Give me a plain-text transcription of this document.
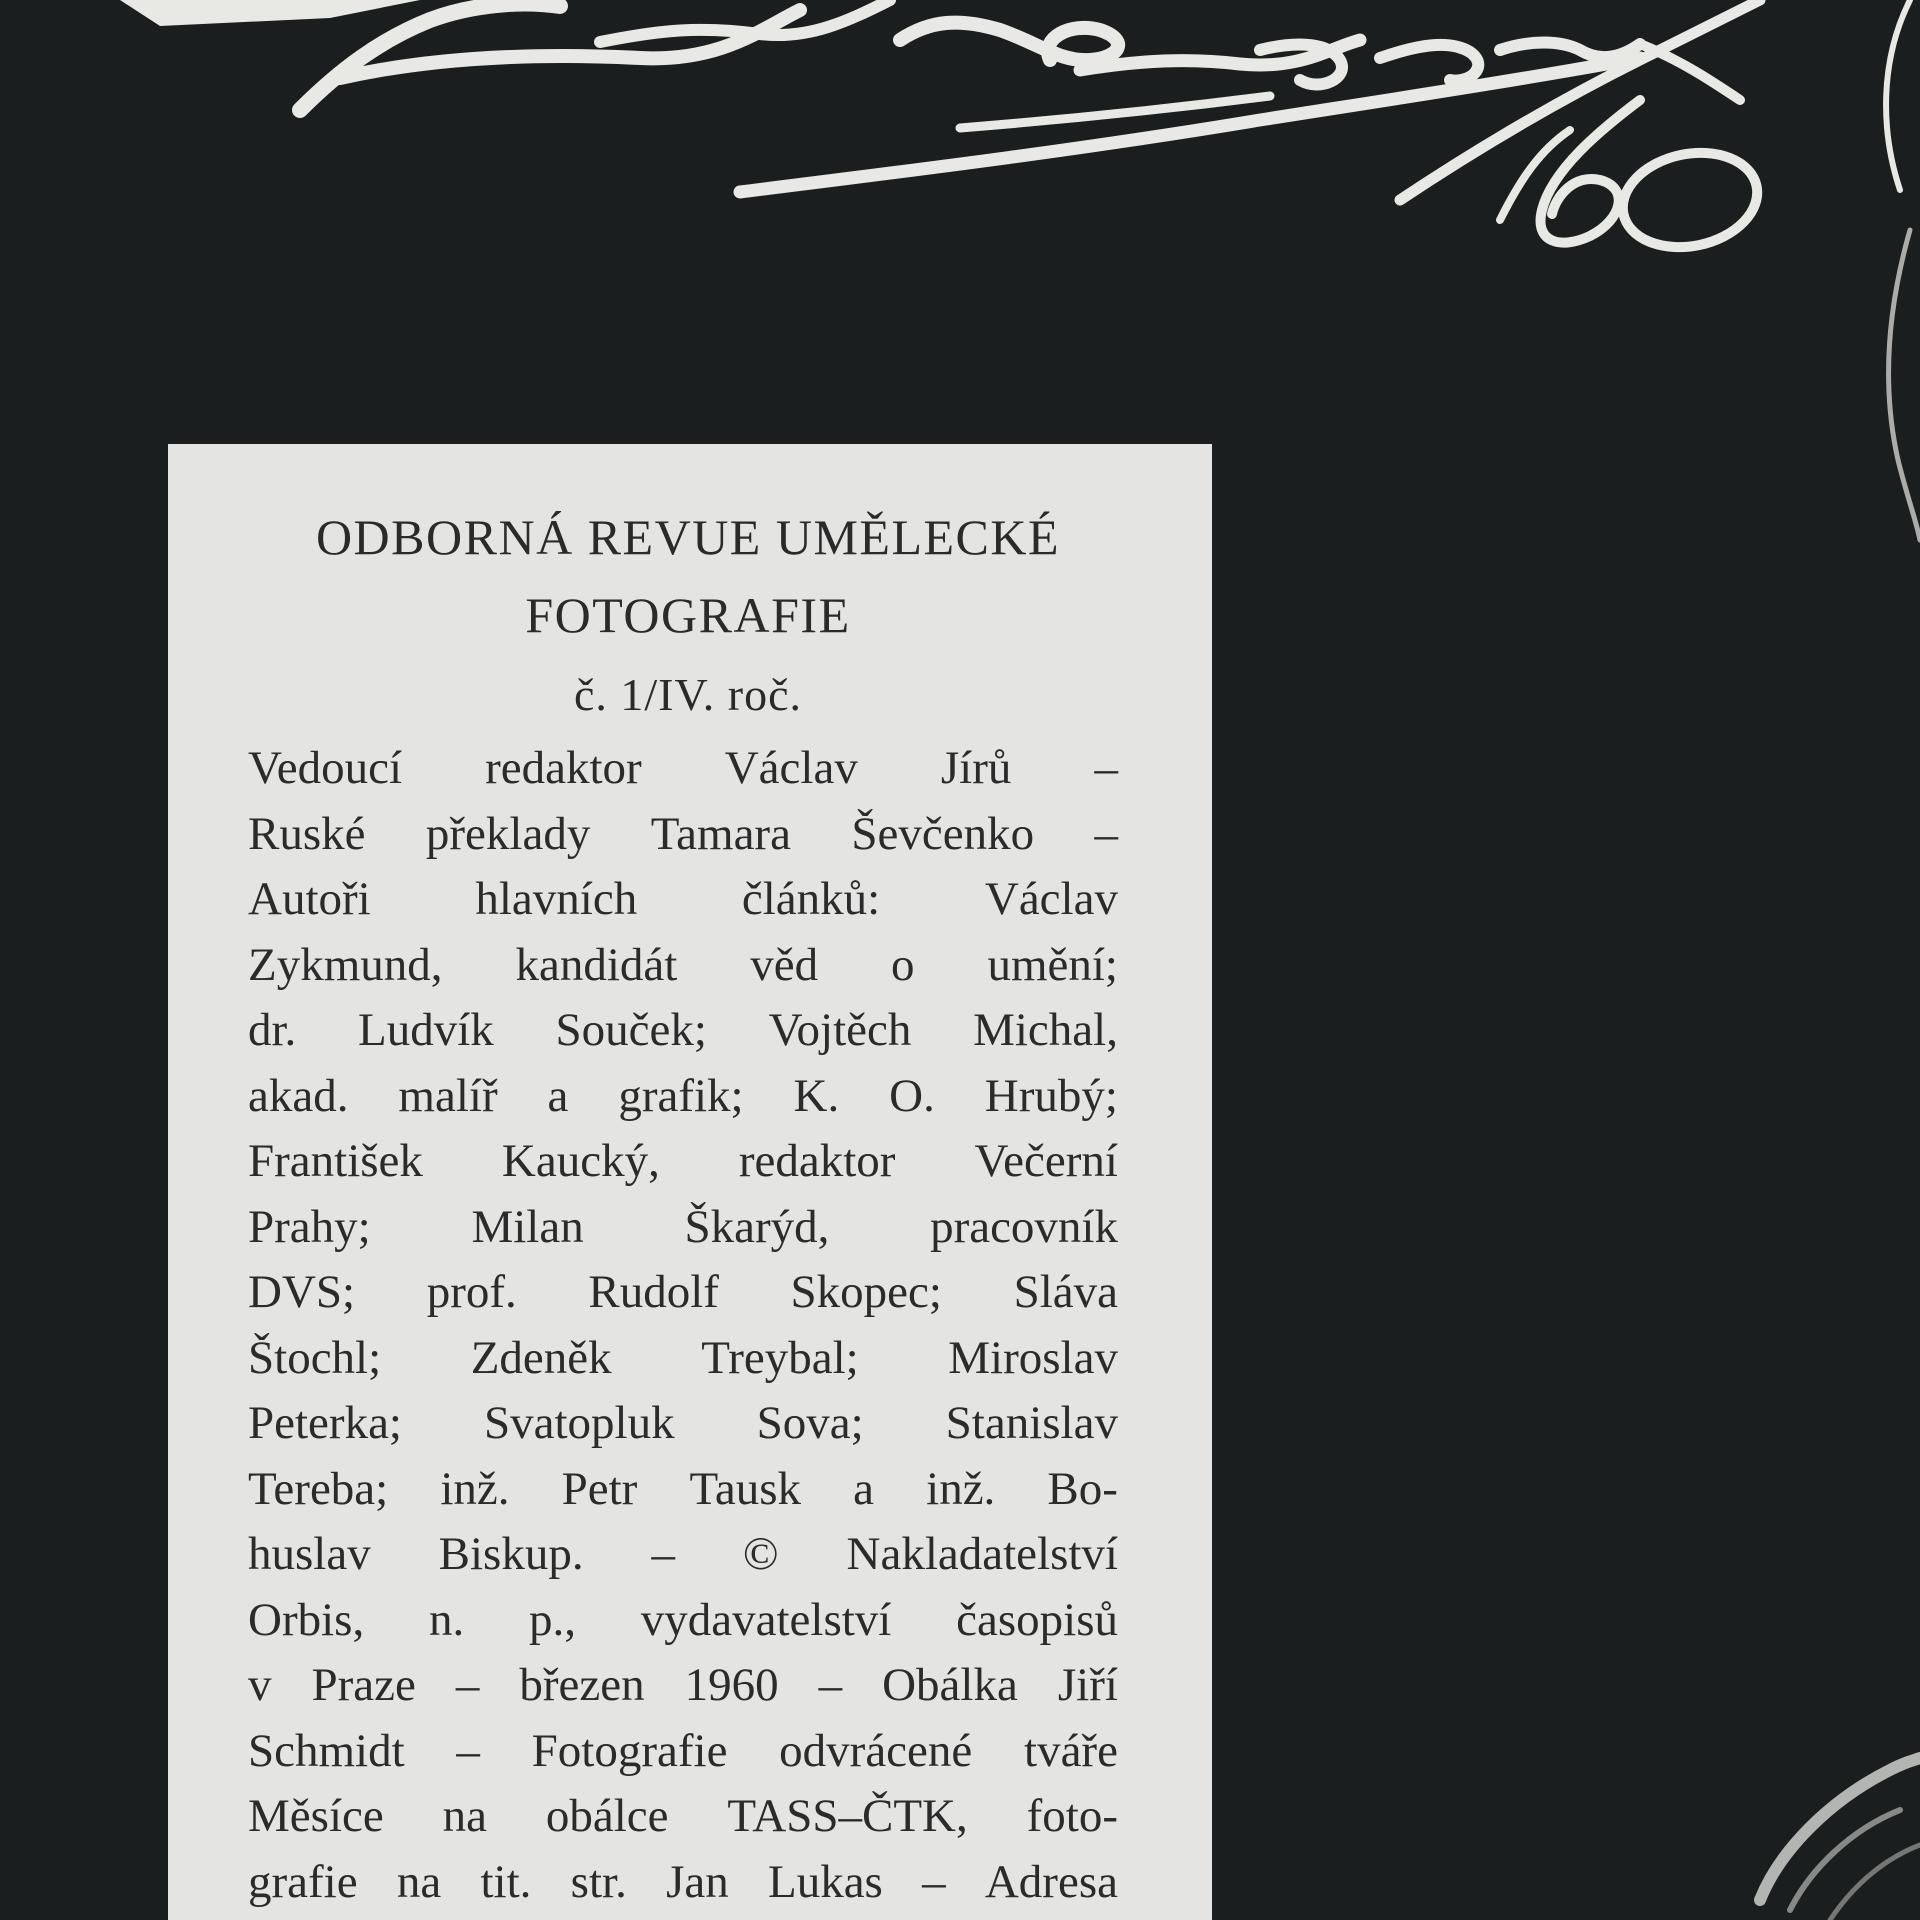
ODBORNÁ REVUE UMĚLECKÉ
FOTOGRAFIE
č. 1/IV. roč.
Vedoucí redaktor Václav Jírů –
Ruské překlady Tamara Ševčenko –
Autoři hlavních článků: Václav
Zykmund, kandidát věd o umění;
dr. Ludvík Souček; Vojtěch Michal,
akad. malíř a grafik; K. O. Hrubý;
František Kaucký, redaktor Večerní
Prahy; Milan Škarýd, pracovník
DVS; prof. Rudolf Skopec; Sláva
Štochl; Zdeněk Treybal; Miroslav
Peterka; Svatopluk Sova; Stanislav
Tereba; inž. Petr Tausk a inž. Bo-
huslav Biskup. – © Nakladatelství
Orbis, n. p., vydavatelství časopisů
v Praze – březen 1960 – Obálka Jiří
Schmidt – Fotografie odvrácené tváře
Měsíce na obálce TASS–ČTK, foto-
grafie na tit. str. Jan Lukas – Adresa
